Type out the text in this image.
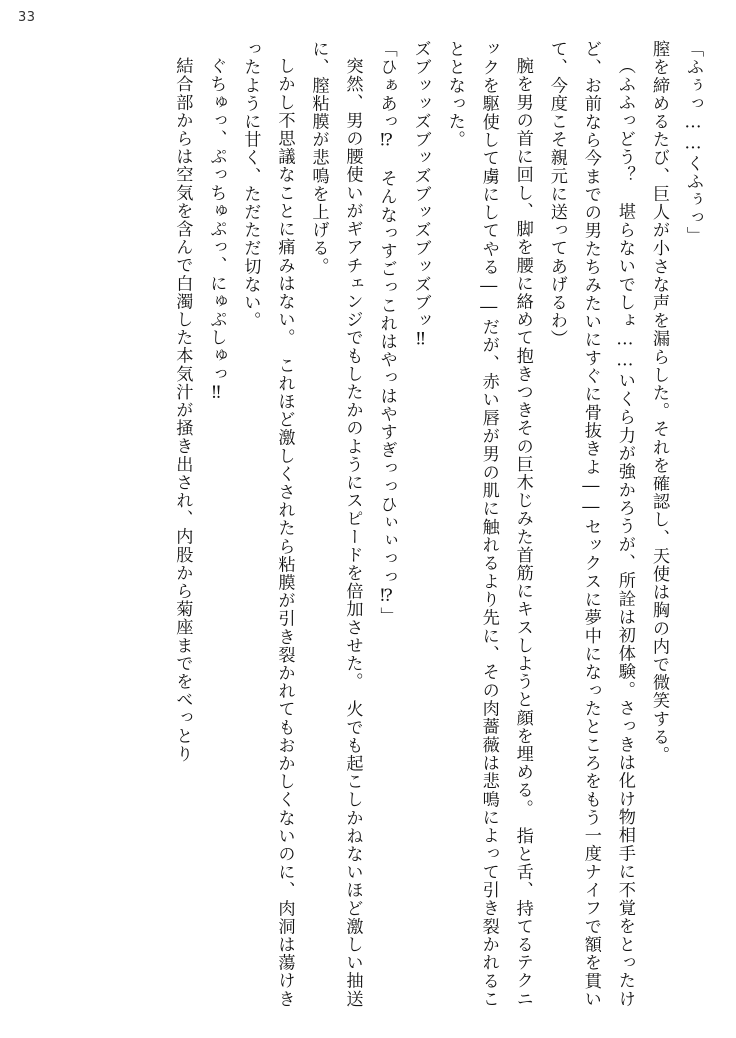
33

「ふぅっ……くふぅっ」

膣を締めるたび、巨人が小さな声を漏らした。それを確認し、天使は胸の内で微笑する。

（ふふっどう？　堪らないでしょ……いくら力が強かろうが、所詮は初体験。さっきは化け物相手に不覚をとったけど、お前なら今までの男たちみたいにすぐに骨抜きよ――セックスに夢中になったところをもう一度ナイフで額を貫いて、今度こそ親元に送ってあげるわ）

腕を男の首に回し、脚を腰に絡めて抱きつきその巨木じみた首筋にキスしようと顔を埋める。　指と舌、持てるテクニックを駆使して虜にしてやる――だが、赤い唇が男の肌に触れるより先に、その肉薔薇は悲鳴によって引き裂かれることとなった。

ズブッッズブッズブッズブッズブッ‼

「ひぁあっ⁉　そんなっすごっこれはやっはやすぎっっひぃぃっっ⁉」

突然、男の腰使いがギアチェンジでもしたかのようにスピードを倍加させた。　火でも起こしかねないほど激しい抽送に、膣粘膜が悲鳴を上げる。

しかし不思議なことに痛みはない。　これほど激しくされたら粘膜が引き裂かれてもおかしくないのに、肉洞は蕩けきったように甘く、ただただ切ない。

ぐちゅっ、ぷっちゅぷっ、にゅぷしゅっ‼

結合部からは空気を含んで白濁した本気汁が掻き出され、内股から菊座までをべっとり
